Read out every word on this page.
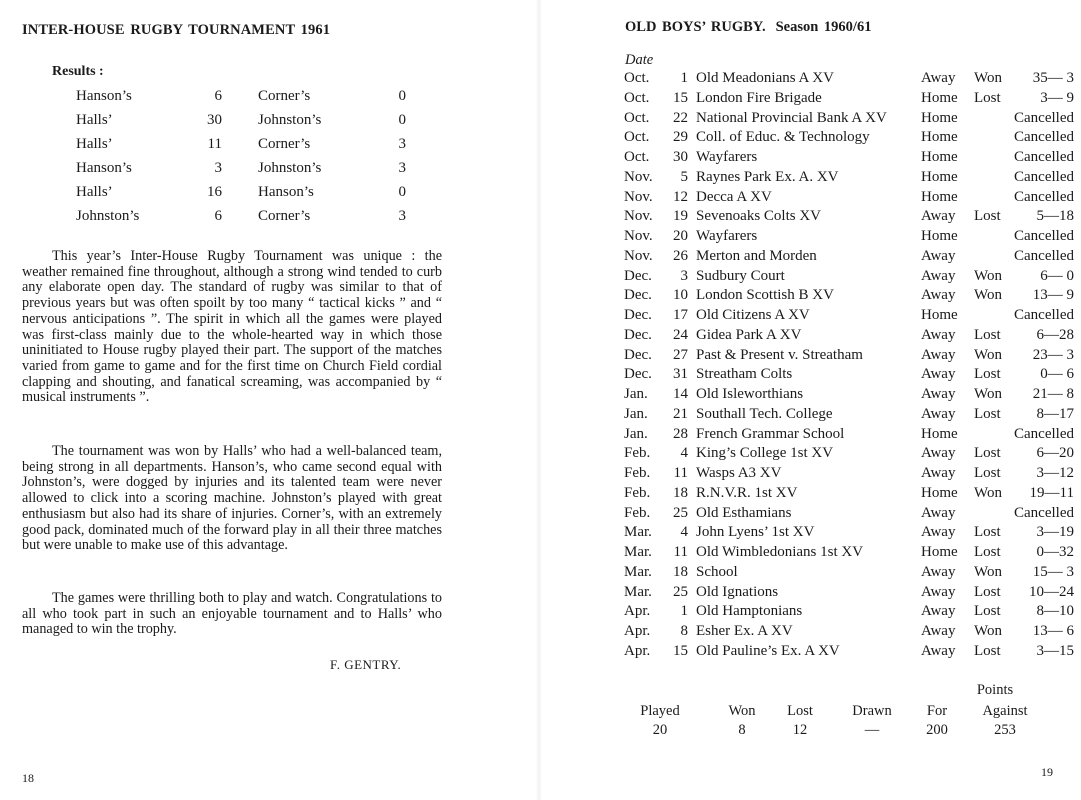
INTER-HOUSE RUGBY TOURNAMENT 1961
Results :
Hanson’s	6 Corner’s	0
Halls’	30 Johnston’s	0
Halls’	11 Corner’s	3
Hanson’s	3 Johnston’s	3
Halls’	16 Hanson’s	0
Johnston’s	6 Corner’s	3

This year’s Inter-House Rugby Tournament was unique : the weather remained fine throughout, although a strong wind tended to curb any elaborate open day. The standard of rugby was similar to that of previous years but was often spoilt by too many “ tactical kicks ” and “ nervous anticipations ”. The spirit in which all the games were played was first-class mainly due to the whole-hearted way in which those uninitiated to House rugby played their part. The support of the matches varied from game to game and for the first time on Church Field cordial clapping and shouting, and fanatical screaming, was accompanied by “ musical instruments ”.

The tournament was won by Halls’ who had a well-balanced team, being strong in all departments. Hanson’s, who came second equal with Johnston’s, were dogged by injuries and its talented team were never allowed to click into a scoring machine. Johnston’s played with great enthusiasm but also had its share of injuries. Corner’s, with an extremely good pack, dominated much of the forward play in all their three matches but were unable to make use of this advantage.

The games were thrilling both to play and watch. Congratulations to all who took part in such an enjoyable tournament and to Halls’ who managed to win the trophy.

F. GENTRY.
18
OLD BOYS’ RUGBY. Season 1960/61
Date
Oct.	1 Old Meadonians A XV	Away Won	35— 3
Oct.	15 London Fire Brigade	Home Lost	3— 9
Oct.	22 National Provincial Bank A XV Home	Cancelled
Oct.	29 Coll. of Educ. & Technology	Home	Cancelled
Oct.	30 Wayfarers	Home	Cancelled
Nov.	5 Raynes Park Ex. A. XV	Home	Cancelled
Nov.	12 Decca A XV	Home	Cancelled
Nov.	19 Sevenoaks Colts XV	Away Lost	5—18
Nov.	20 Wayfarers	Home	Cancelled
Nov.	26 Merton and Morden	Away	Cancelled
Dec.	3 Sudbury Court	Away Won	6— 0
Dec.	10 London Scottish B XV	Away Won	13— 9
Dec.	17 Old Citizens A XV	Home	Cancelled
Dec.	24 Gidea Park A XV	Away Lost	6—28
Dec.	27 Past & Present v. Streatham	Away Won	23— 3
Dec.	31 Streatham Colts	Away Lost	0— 6
Jan.	14 Old Isleworthians	Away Won	21— 8
Jan.	21 Southall Tech. College	Away Lost	8—17
Jan.	28 French Grammar School	Home	Cancelled
Feb.	4 King’s College 1st XV	Away Lost	6—20
Feb.	11 Wasps A3 XV	Away Lost	3—12
Feb.	18 R.N.V.R. 1st XV	Home Won	19—11
Feb.	25 Old Esthamians	Away	Cancelled
Mar.	4 John Lyens’ 1st XV	Away Lost	3—19
Mar.	11 Old Wimbledonians 1st XV	Home Lost	0—32
Mar.	18 School	Away Won	15— 3
Mar.	25 Old Ignations	Away Lost	10—24
Apr.	1 Old Hamptonians	Away Lost	8—10
Apr.	8 Esher Ex. A XV	Away Won	13— 6
Apr.	15 Old Pauline’s Ex. A XV	Away Lost	3—15
Points
Played	Won	Lost	Drawn	For	Against
20	8	12	—	200	253
19
